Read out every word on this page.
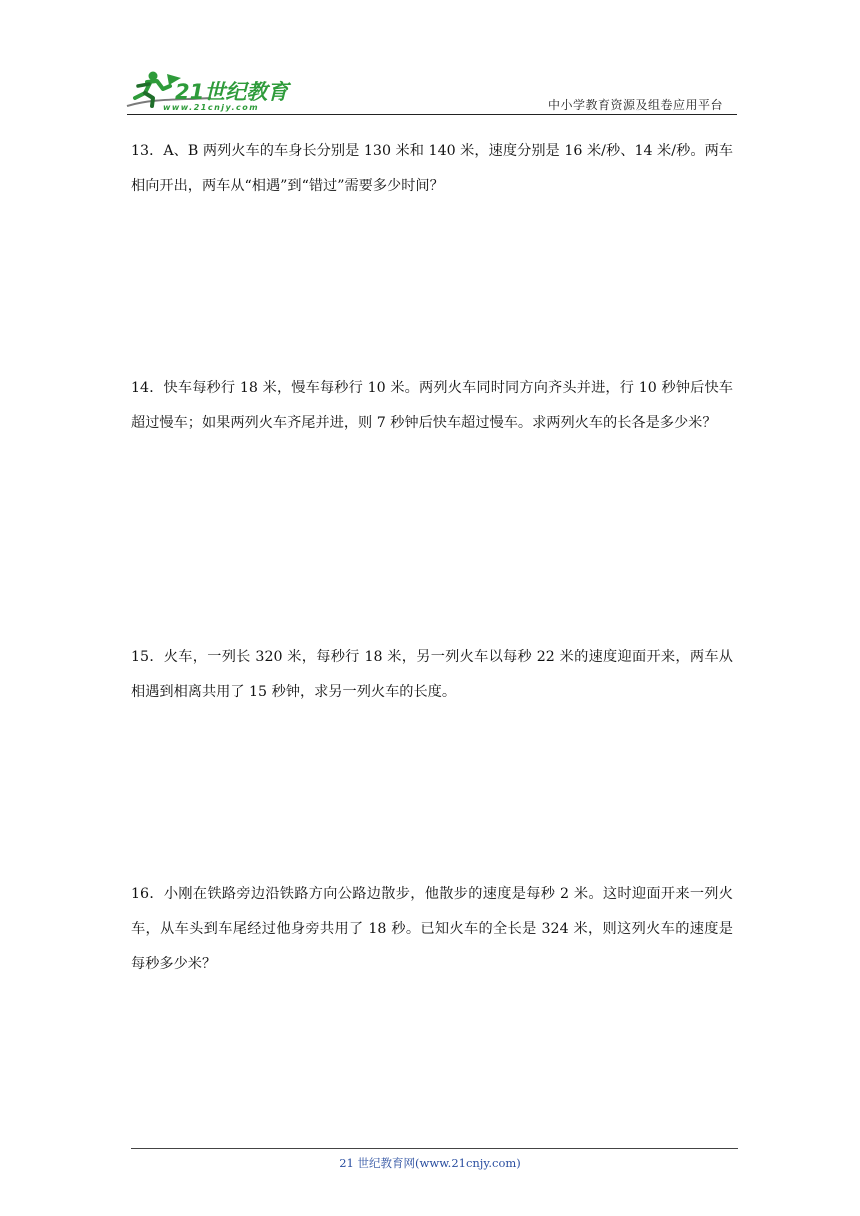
21世纪教育
www.21cnjy.com	中小学教育资源及组卷应用平台
13．A、B 两列火车的车身长分别是 130 米和 140 米，速度分别是 16 米/秒、14 米/秒。两车相向开出，两车从“相遇”到“错过”需要多少时间？
14．快车每秒行 18 米，慢车每秒行 10 米。两列火车同时同方向齐头并进，行 10 秒钟后快车超过慢车；如果两列火车齐尾并进，则 7 秒钟后快车超过慢车。求两列火车的长各是多少米？
15．火车，一列长 320 米，每秒行 18 米，另一列火车以每秒 22 米的速度迎面开来，两车从相遇到相离共用了 15 秒钟，求另一列火车的长度。
16．小刚在铁路旁边沿铁路方向公路边散步，他散步的速度是每秒 2 米。这时迎面开来一列火车，从车头到车尾经过他身旁共用了 18 秒。已知火车的全长是 324 米，则这列火车的速度是每秒多少米？
21 世纪教育网(www.21cnjy.com)
